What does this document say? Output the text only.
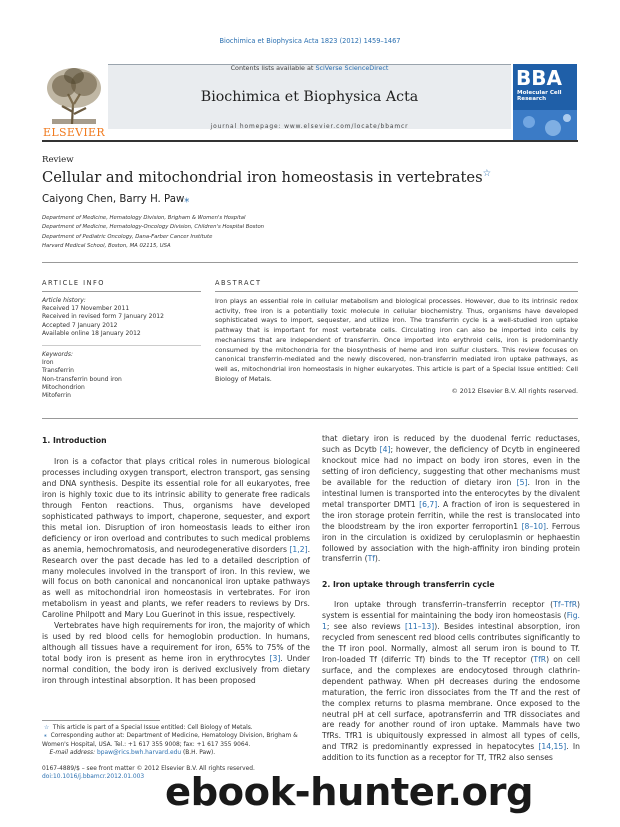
Biochimica et Biophysica Acta 1823 (2012) 1459–1467
Contents lists available at SciVerse ScienceDirect
Biochimica et Biophysica Acta
journal homepage: www.elsevier.com/locate/bbamcr
ELSEVIER
BBA
Molecular Cell
Research
Review
Cellular and mitochondrial iron homeostasis in vertebrates☆
Caiyong Chen, Barry H. Paw⁎
Department of Medicine, Hematology Division, Brigham & Women's Hospital
Department of Medicine, Hematology-Oncology Division, Children's Hospital Boston
Department of Pediatric Oncology, Dana-Farber Cancer Institute
Harvard Medical School, Boston, MA 02115, USA
ARTICLE INFO	ABSTRACT
Article history:
Received 17 November 2011
Received in revised form 7 January 2012
Accepted 7 January 2012
Available online 18 January 2012
Keywords:
Iron
Transferrin
Non-transferrin bound iron
Mitochondrion
Mitoferrin
Iron plays an essential role in cellular metabolism and biological processes. However, due to its intrinsic redox activity, free iron is a potentially toxic molecule in cellular biochemistry. Thus, organisms have developed sophisticated ways to import, sequester, and utilize iron. The transferrin cycle is a well-studied iron uptake pathway that is important for most vertebrate cells. Circulating iron can also be imported into cells by mechanisms that are independent of transferrin. Once imported into erythroid cells, iron is predominantly consumed by the mitochondria for the biosynthesis of heme and iron sulfur clusters. This review focuses on canonical transferrin-mediated and the newly discovered, non-transferrin mediated iron uptake pathways, as well as, mitochondrial iron homeostasis in higher eukaryotes. This article is part of a Special Issue entitled: Cell Biology of Metals.
© 2012 Elsevier B.V. All rights reserved.
1. Introduction

Iron is a cofactor that plays critical roles in numerous biological processes including oxygen transport, electron transport, gas sensing and DNA synthesis. Despite its essential role for all eukaryotes, free iron is highly toxic due to its intrinsic ability to generate free radicals through Fenton reactions. Thus, organisms have developed sophisticated pathways to import, chaperone, sequester, and export this metal ion. Disruption of iron homeostasis leads to either iron deficiency or iron overload and contributes to such medical problems as anemia, hemochromatosis, and neurodegenerative disorders [1,2]. Research over the past decade has led to a detailed description of many molecules involved in the transport of iron. In this review, we will focus on both canonical and noncanonical iron uptake pathways as well as mitochondrial iron homeostasis in vertebrates. For iron metabolism in yeast and plants, we refer readers to reviews by Drs. Caroline Philpott and Mary Lou Guerinot in this issue, respectively.

Vertebrates have high requirements for iron, the majority of which is used by red blood cells for hemoglobin production. In humans, although all tissues have a requirement for iron, 65% to 75% of the total body iron is present as heme iron in erythrocytes [3]. Under normal condition, the body iron is derived exclusively from dietary iron through intestinal absorption. It has been proposed

☆ This article is part of a Special Issue entitled: Cell Biology of Metals.
⁎ Corresponding author at: Department of Medicine, Hematology Division, Brigham & Women's Hospital, USA. Tel.: +1 617 355 9008; fax: +1 617 355 9064.
E-mail address: bpaw@rics.bwh.harvard.edu (B.H. Paw).
0167-4889/$ – see front matter © 2012 Elsevier B.V. All rights reserved.
doi:10.1016/j.bbamcr.2012.01.003

that dietary iron is reduced by the duodenal ferric reductases, such as Dcytb [4]; however, the deficiency of Dcytb in engineered knockout mice had no impact on body iron stores, even in the setting of iron deficiency, suggesting that other mechanisms must be available for the reduction of dietary iron [5]. Iron in the intestinal lumen is transported into the enterocytes by the divalent metal transporter DMT1 [6,7]. A fraction of iron is sequestered in the iron storage protein ferritin, while the rest is translocated into the bloodstream by the iron exporter ferroportin1 [8–10]. Ferrous iron in the circulation is oxidized by ceruloplasmin or hephaestin followed by association with the high-affinity iron binding protein transferrin (Tf).

2. Iron uptake through transferrin cycle

Iron uptake through transferrin–transferrin receptor (Tf–TfR) system is essential for maintaining the body iron homeostasis (Fig. 1; see also reviews [11–13]). Besides intestinal absorption, iron recycled from senescent red blood cells contributes significantly to the Tf iron pool. Normally, almost all serum iron is bound to Tf. Iron-loaded Tf (diferric Tf) binds to the Tf receptor (TfR) on cell surface, and the complexes are endocytosed through clathrin-dependent pathway. When pH decreases during the endosome maturation, the ferric iron dissociates from the Tf and the rest of the complex returns to plasma membrane. Once exposed to the neutral pH at cell surface, apotransferrin and TfR dissociates and are ready for another round of iron uptake. Mammals have two TfRs. TfR1 is ubiquitously expressed in almost all types of cells, and TfR2 is predominantly expressed in hepatocytes [14,15]. In addition to its function as a receptor for Tf, TfR2 also senses

ebook-hunter.org
